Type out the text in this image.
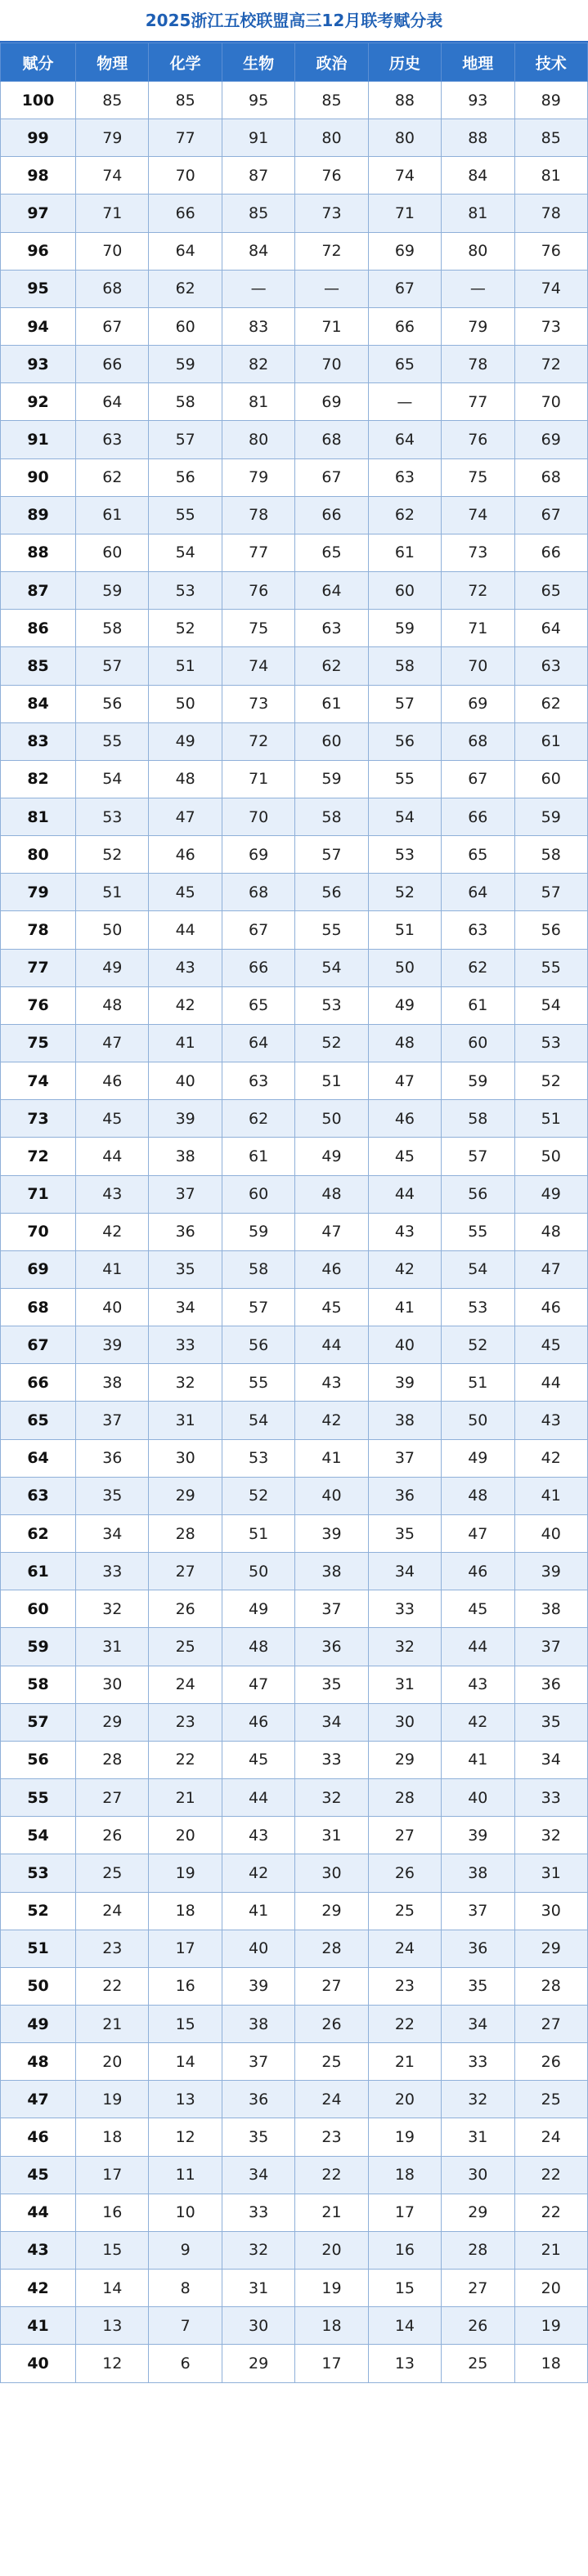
2025浙江五校联盟高三12月联考赋分表
赋分	物理	化学	生物	政治	历史	地理	技术
100	85	85	95	85	88	93	89
99	79	77	91	80	80	88	85
98	74	70	87	76	74	84	81
97	71	66	85	73	71	81	78
96	70	64	84	72	69	80	76
95	68	62	—	—	67	—	74
94	67	60	83	71	66	79	73
93	66	59	82	70	65	78	72
92	64	58	81	69	—	77	70
91	63	57	80	68	64	76	69
90	62	56	79	67	63	75	68
89	61	55	78	66	62	74	67
88	60	54	77	65	61	73	66
87	59	53	76	64	60	72	65
86	58	52	75	63	59	71	64
85	57	51	74	62	58	70	63
84	56	50	73	61	57	69	62
83	55	49	72	60	56	68	61
82	54	48	71	59	55	67	60
81	53	47	70	58	54	66	59
80	52	46	69	57	53	65	58
79	51	45	68	56	52	64	57
78	50	44	67	55	51	63	56
77	49	43	66	54	50	62	55
76	48	42	65	53	49	61	54
75	47	41	64	52	48	60	53
74	46	40	63	51	47	59	52
73	45	39	62	50	46	58	51
72	44	38	61	49	45	57	50
71	43	37	60	48	44	56	49
70	42	36	59	47	43	55	48
69	41	35	58	46	42	54	47
68	40	34	57	45	41	53	46
67	39	33	56	44	40	52	45
66	38	32	55	43	39	51	44
65	37	31	54	42	38	50	43
64	36	30	53	41	37	49	42
63	35	29	52	40	36	48	41
62	34	28	51	39	35	47	40
61	33	27	50	38	34	46	39
60	32	26	49	37	33	45	38
59	31	25	48	36	32	44	37
58	30	24	47	35	31	43	36
57	29	23	46	34	30	42	35
56	28	22	45	33	29	41	34
55	27	21	44	32	28	40	33
54	26	20	43	31	27	39	32
53	25	19	42	30	26	38	31
52	24	18	41	29	25	37	30
51	23	17	40	28	24	36	29
50	22	16	39	27	23	35	28
49	21	15	38	26	22	34	27
48	20	14	37	25	21	33	26
47	19	13	36	24	20	32	25
46	18	12	35	23	19	31	24
45	17	11	34	22	18	30	22
44	16	10	33	21	17	29	22
43	15	9	32	20	16	28	21
42	14	8	31	19	15	27	20
41	13	7	30	18	14	26	19
40	12	6	29	17	13	25	18
